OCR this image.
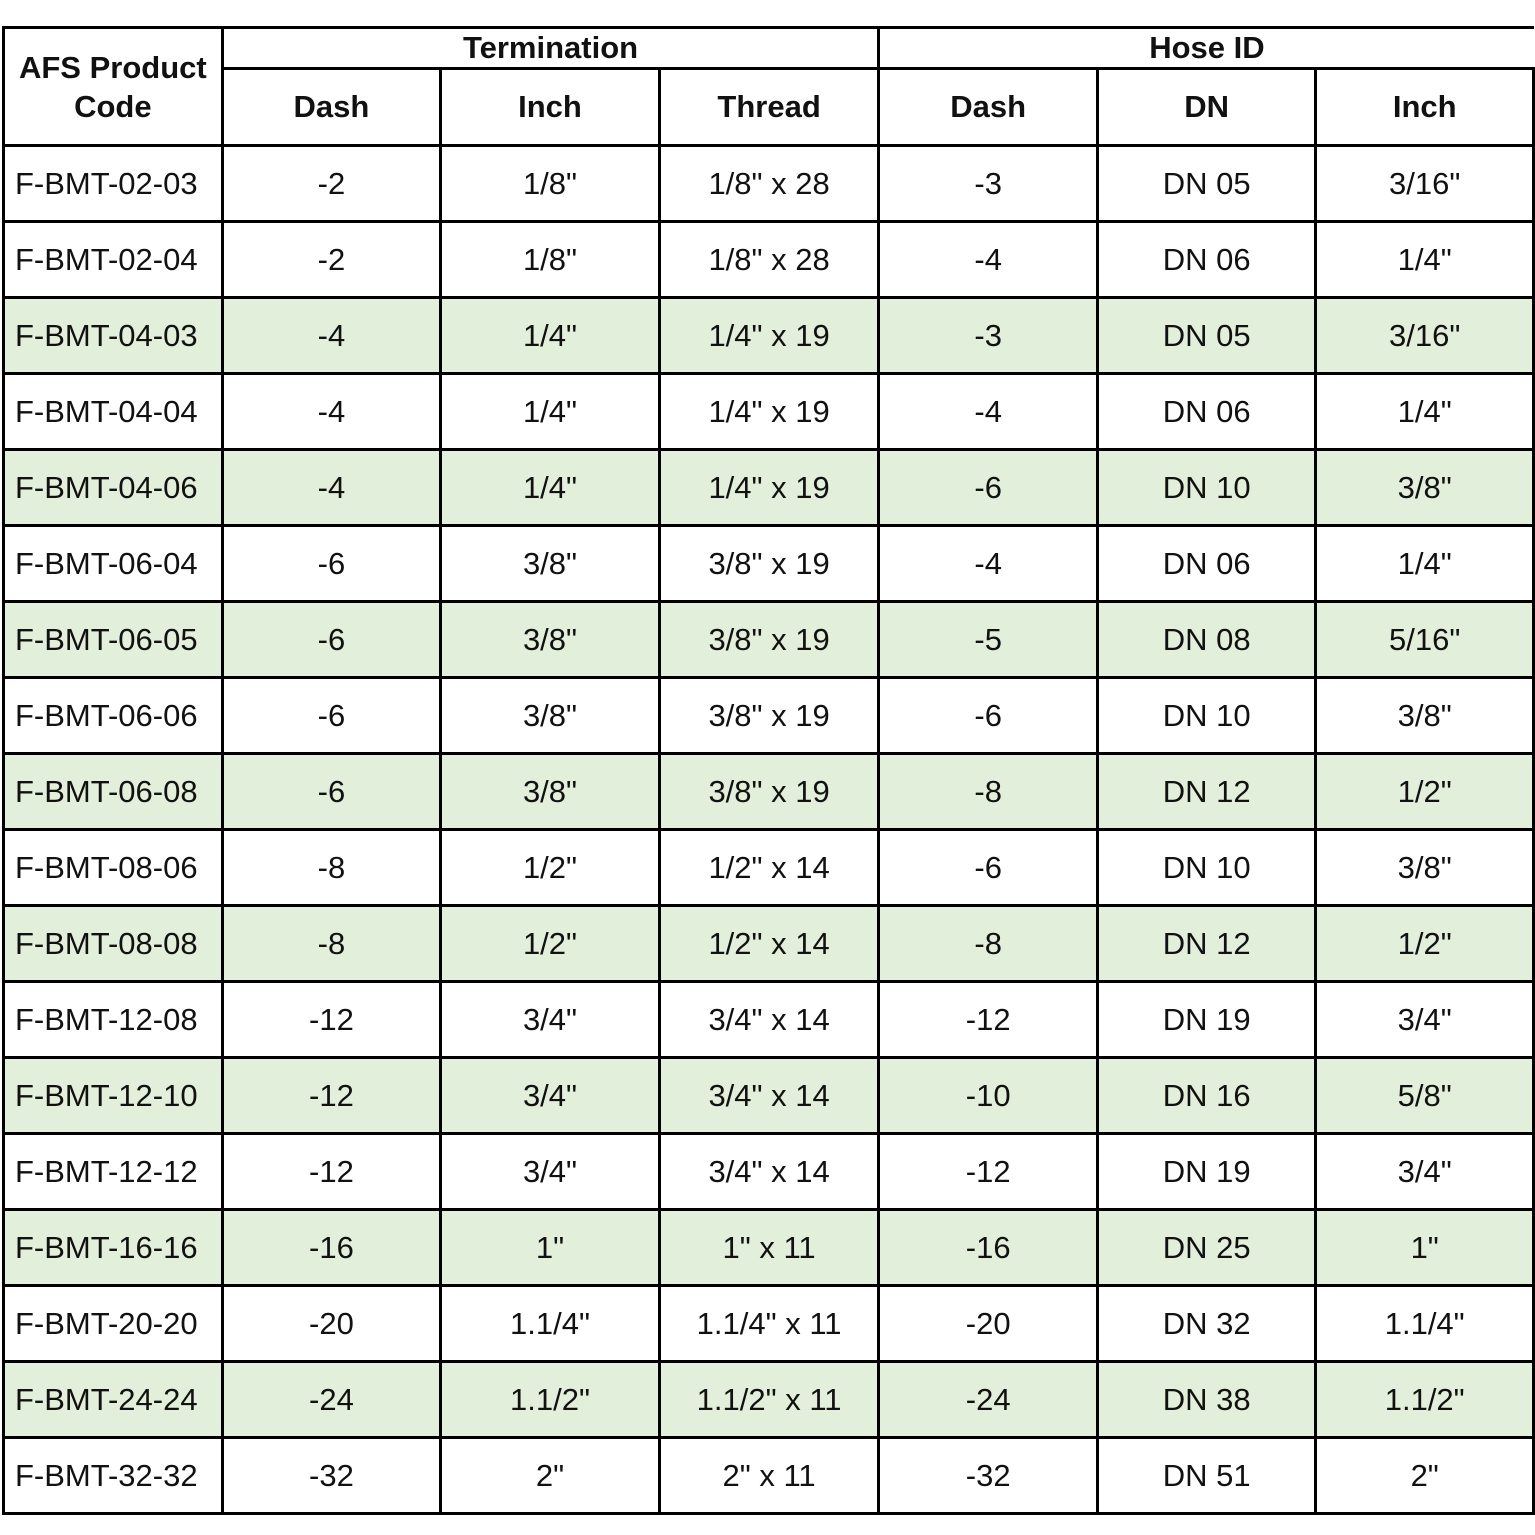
AFS Product Code	Termination			Hose ID		
	Dash	Inch	Thread	Dash	DN	Inch
F-BMT-02-03	-2	1/8"	1/8" x 28	-3	DN 05	3/16"
F-BMT-02-04	-2	1/8"	1/8" x 28	-4	DN 06	1/4"
F-BMT-04-03	-4	1/4"	1/4" x 19	-3	DN 05	3/16"
F-BMT-04-04	-4	1/4"	1/4" x 19	-4	DN 06	1/4"
F-BMT-04-06	-4	1/4"	1/4" x 19	-6	DN 10	3/8"
F-BMT-06-04	-6	3/8"	3/8" x 19	-4	DN 06	1/4"
F-BMT-06-05	-6	3/8"	3/8" x 19	-5	DN 08	5/16"
F-BMT-06-06	-6	3/8"	3/8" x 19	-6	DN 10	3/8"
F-BMT-06-08	-6	3/8"	3/8" x 19	-8	DN 12	1/2"
F-BMT-08-06	-8	1/2"	1/2" x 14	-6	DN 10	3/8"
F-BMT-08-08	-8	1/2"	1/2" x 14	-8	DN 12	1/2"
F-BMT-12-08	-12	3/4"	3/4" x 14	-12	DN 19	3/4"
F-BMT-12-10	-12	3/4"	3/4" x 14	-10	DN 16	5/8"
F-BMT-12-12	-12	3/4"	3/4" x 14	-12	DN 19	3/4"
F-BMT-16-16	-16	1"	1" x 11	-16	DN 25	1"
F-BMT-20-20	-20	1.1/4"	1.1/4" x 11	-20	DN 32	1.1/4"
F-BMT-24-24	-24	1.1/2"	1.1/2" x 11	-24	DN 38	1.1/2"
F-BMT-32-32	-32	2"	2" x 11	-32	DN 51	2"
